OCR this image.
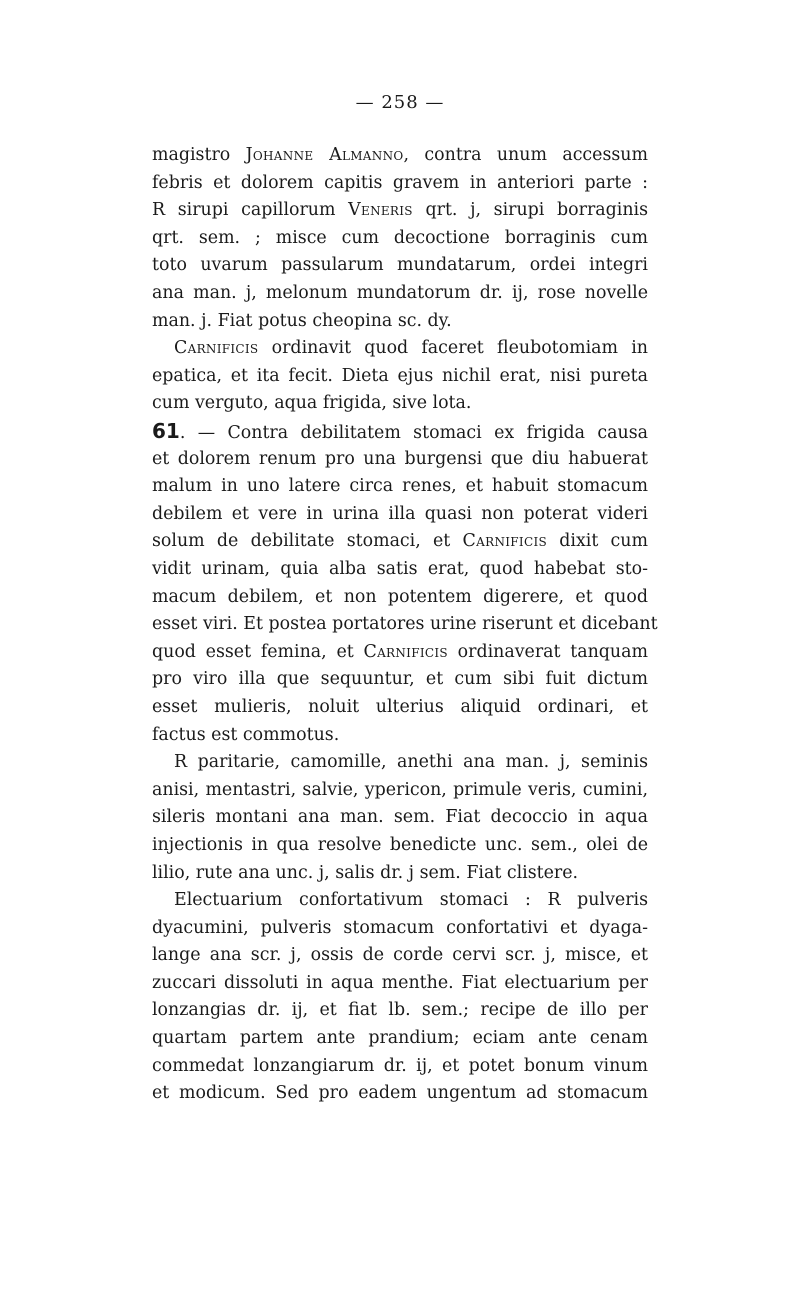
— 258 —
magistro Johanne Almanno, contra unum accessum
febris et dolorem capitis gravem in anteriori parte :
R sirupi capillorum Veneris qrt. j, sirupi borraginis
qrt. sem. ; misce cum decoctione borraginis cum
toto uvarum passularum mundatarum, ordei integri
ana man. j, melonum mundatorum dr. ij, rose novelle
man. j. Fiat potus cheopina sc. dy.
Carnificis ordinavit quod faceret fleubotomiam in
epatica, et ita fecit. Dieta ejus nichil erat, nisi pureta
cum verguto, aqua frigida, sive lota.
61. — Contra debilitatem stomaci ex frigida causa
et dolorem renum pro una burgensi que diu habuerat
malum in uno latere circa renes, et habuit stomacum
debilem et vere in urina illa quasi non poterat videri
solum de debilitate stomaci, et Carnificis dixit cum
vidit urinam, quia alba satis erat, quod habebat sto-
macum debilem, et non potentem digerere, et quod
esset viri. Et postea portatores urine riserunt et dicebant
quod esset femina, et Carnificis ordinaverat tanquam
pro viro illa que sequuntur, et cum sibi fuit dictum
esset mulieris, noluit ulterius aliquid ordinari, et
factus est commotus.
R paritarie, camomille, anethi ana man. j, seminis
anisi, mentastri, salvie, ypericon, primule veris, cumini,
sileris montani ana man. sem. Fiat decoccio in aqua
injectionis in qua resolve benedicte unc. sem., olei de
lilio, rute ana unc. j, salis dr. j sem. Fiat clistere.
Electuarium confortativum stomaci : R pulveris
dyacumini, pulveris stomacum confortativi et dyaga-
lange ana scr. j, ossis de corde cervi scr. j, misce, et
zuccari dissoluti in aqua menthe. Fiat electuarium per
lonzangias dr. ij, et fiat lb. sem.; recipe de illo per
quartam partem ante prandium; eciam ante cenam
commedat lonzangiarum dr. ij, et potet bonum vinum
et modicum. Sed pro eadem ungentum ad stomacum
